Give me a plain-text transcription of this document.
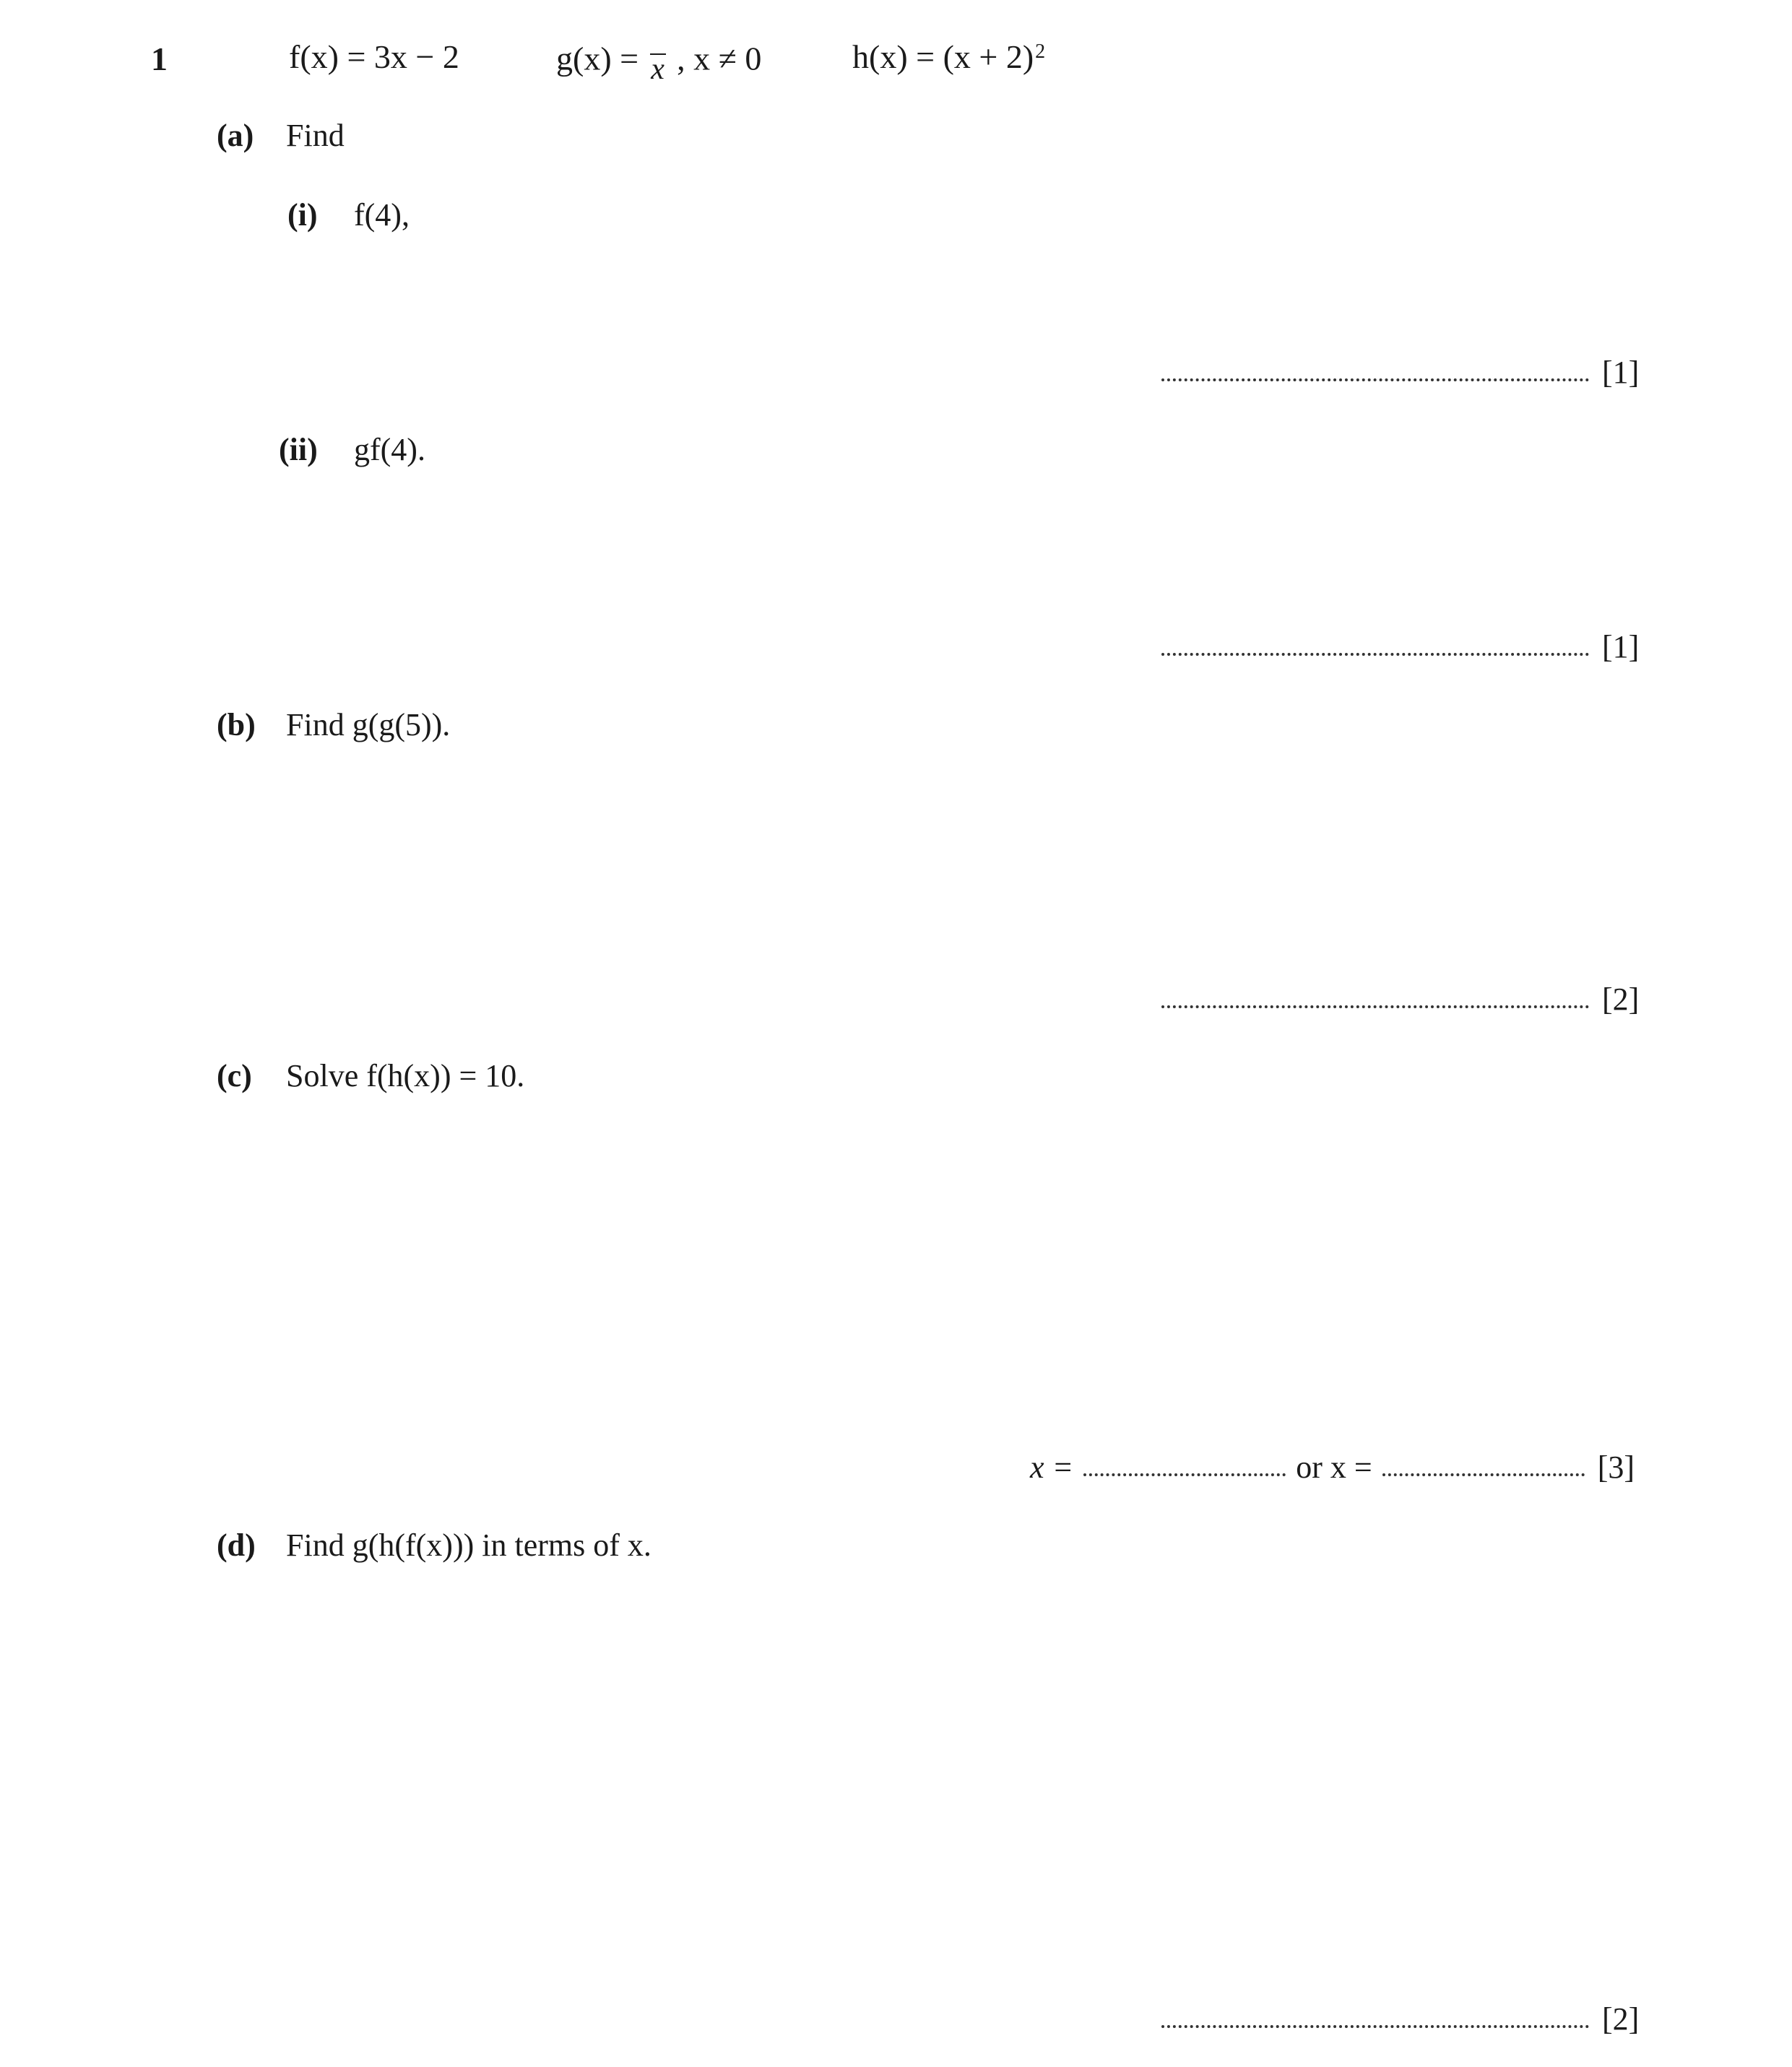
1	f(x) = 3x − 2	g(x) = x , x ≠ 0	$h(x) = (x + 2)^2$
(a) Find
(i) f(4),
[1]
(ii) gf(4).
[1]
(b) Find g(g(5)).
[2]
(c) Solve f(h(x)) = 10.
x =	or x =	[3]
(d) Find g(h(f(x))) in terms of x.
[2]
